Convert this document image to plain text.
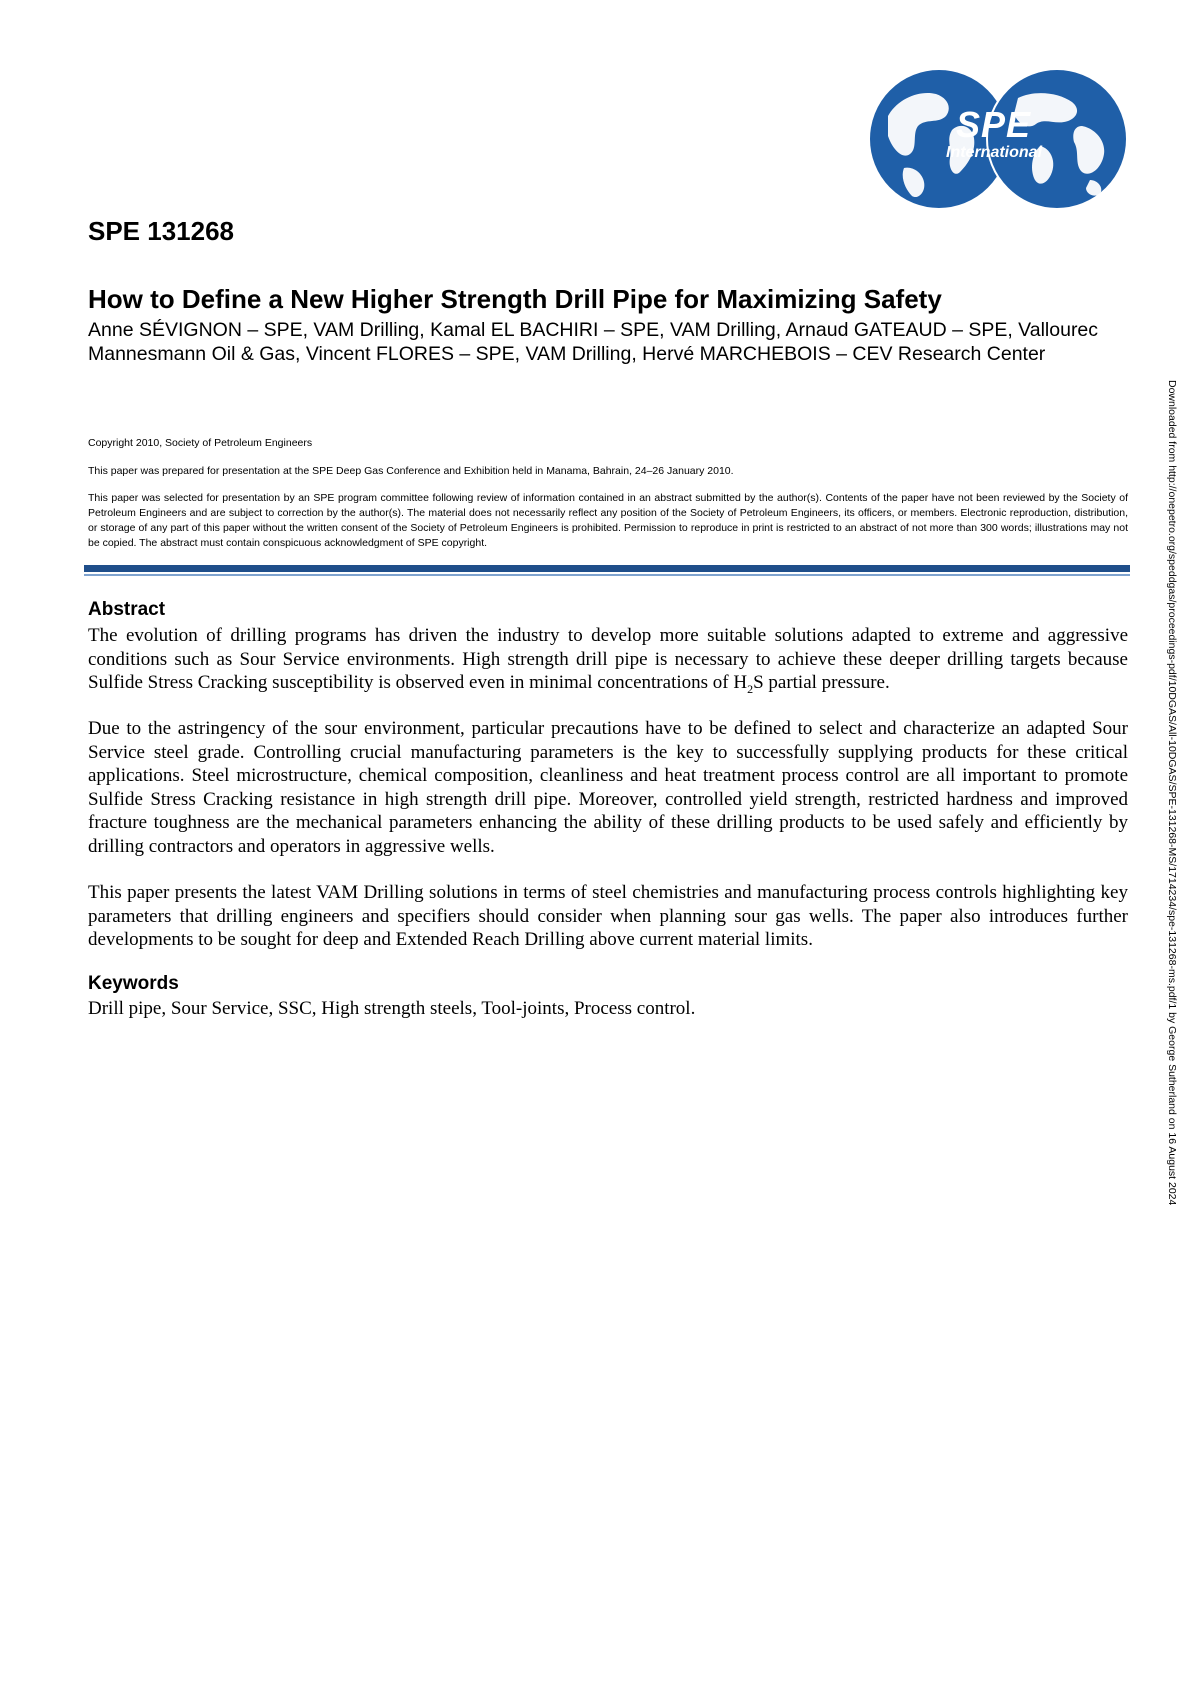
SPE
International
SPE 131268
How to Define a New Higher Strength Drill Pipe for Maximizing Safety

Anne SÉVIGNON – SPE, VAM Drilling, Kamal EL BACHIRI – SPE, VAM Drilling, Arnaud GATEAUD – SPE, Vallourec Mannesmann Oil & Gas, Vincent FLORES – SPE, VAM Drilling, Hervé MARCHEBOIS – CEV Research Center

Copyright 2010, Society of Petroleum Engineers

This paper was prepared for presentation at the SPE Deep Gas Conference and Exhibition held in Manama, Bahrain, 24–26 January 2010.

This paper was selected for presentation by an SPE program committee following review of information contained in an abstract submitted by the author(s). Contents of the paper have not been reviewed by the Society of Petroleum Engineers and are subject to correction by the author(s). The material does not necessarily reflect any position of the Society of Petroleum Engineers, its officers, or members. Electronic reproduction, distribution, or storage of any part of this paper without the written consent of the Society of Petroleum Engineers is prohibited. Permission to reproduce in print is restricted to an abstract of not more than 300 words; illustrations may not be copied. The abstract must contain conspicuous acknowledgment of SPE copyright.

Abstract

The evolution of drilling programs has driven the industry to develop more suitable solutions adapted to extreme and aggressive conditions such as Sour Service environments. High strength drill pipe is necessary to achieve these deeper drilling targets because Sulfide Stress Cracking susceptibility is observed even in minimal concentrations of $H_2S$ partial pressure.

Due to the astringency of the sour environment, particular precautions have to be defined to select and characterize an adapted Sour Service steel grade. Controlling crucial manufacturing parameters is the key to successfully supplying products for these critical applications. Steel microstructure, chemical composition, cleanliness and heat treatment process control are all important to promote Sulfide Stress Cracking resistance in high strength drill pipe. Moreover, controlled yield strength, restricted hardness and improved fracture toughness are the mechanical parameters enhancing the ability of these drilling products to be used safely and efficiently by drilling contractors and operators in aggressive wells.

This paper presents the latest VAM Drilling solutions in terms of steel chemistries and manufacturing process controls highlighting key parameters that drilling engineers and specifiers should consider when planning sour gas wells. The paper also introduces further developments to be sought for deep and Extended Reach Drilling above current material limits.

Keywords

Drill pipe, Sour Service, SSC, High strength steels, Tool-joints, Process control.	Downloaded from http://onepetro.org/speddgas/proceedings-pdf/10DGAS/All-10DGAS/SPE-131268-MS/1714234/spe-131268-ms.pdf/1 by George Sutherland on 16 August 2024
